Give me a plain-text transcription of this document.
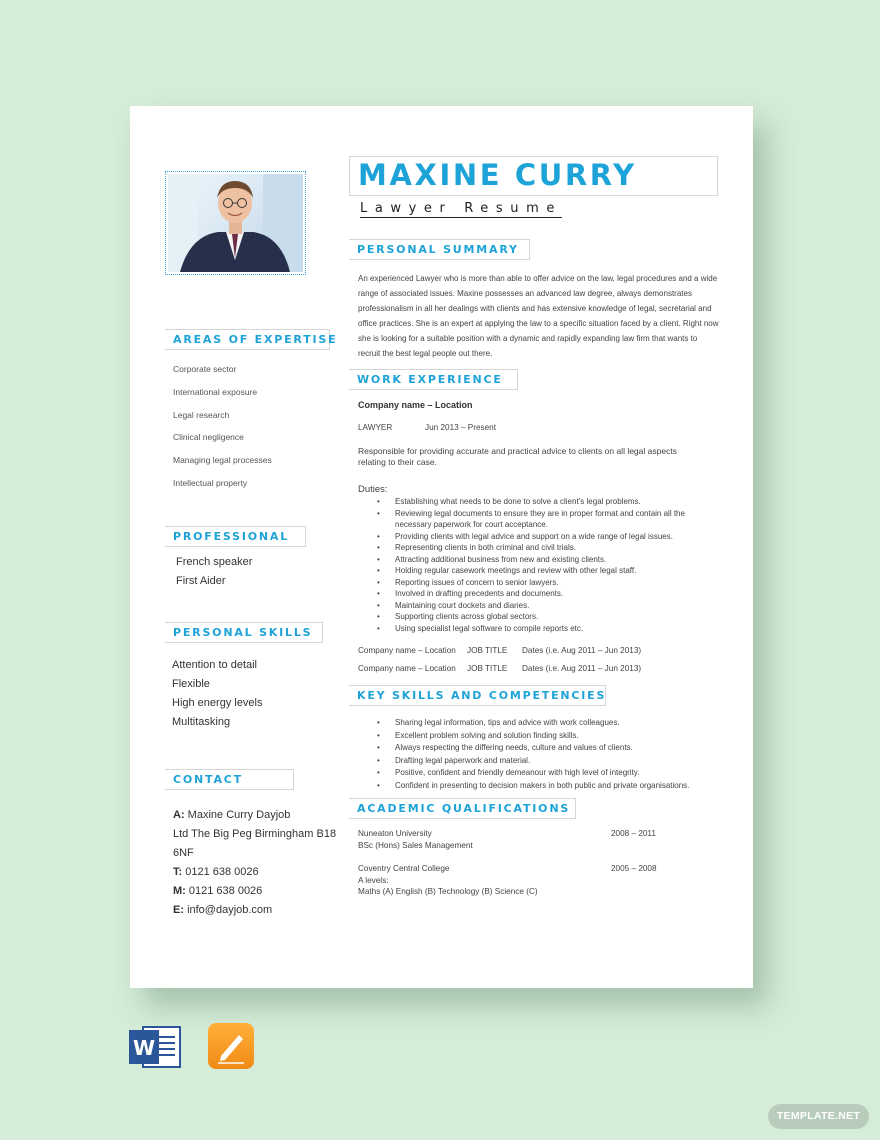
AREAS OF EXPERTISE
Corporate sector
International exposure
Legal research
Clinical negligence
Managing legal processes
Intellectual property
PROFESSIONAL
French speaker
First Aider
PERSONAL SKILLS
Attention to detail
Flexible
High energy levels
Multitasking
CONTACT
A: Maxine Curry Dayjob
Ltd The Big Peg Birmingham B18
6NF
T: 0121 638 0026
M: 0121 638 0026
E: info@dayjob.com
MAXINE CURRY
Lawyer Resume
PERSONAL SUMMARY

An experienced Lawyer who is more than able to offer advice on the law, legal procedures and a wide range of associated issues. Maxine possesses an advanced law degree, always demonstrates professionalism in all her dealings with clients and has extensive knowledge of legal, secretarial and office practices. She is an expert at applying the law to a specific situation faced by a client. Right now she is looking for a suitable position with a dynamic and rapidly expanding law firm that wants to recruit the best legal people out there.

WORK EXPERIENCE
Company name – Location
LAWYER	Jun 2013 – Present
Responsible for providing accurate and practical advice to clients on all legal aspects relating to their case.
Duties:
• Establishing what needs to be done to solve a client’s legal problems.
• Reviewing legal documents to ensure they are in proper format and contain all the necessary paperwork for court acceptance.
• Providing clients with legal advice and support on a wide range of legal issues.
• Representing clients in both criminal and civil trials.
• Attracting additional business from new and existing clients.
• Holding regular casework meetings and review with other legal staff.
• Reporting issues of concern to senior lawyers.
• Involved in drafting precedents and documents.
• Maintaining court dockets and diaries.
• Supporting clients across global sectors.
• Using specialist legal software to compile reports etc.
Company name – Location JOB TITLE Dates (i.e. Aug 2011 – Jun 2013)
Company name – Location JOB TITLE Dates (i.e. Aug 2011 – Jun 2013)
KEY SKILLS AND COMPETENCIES
• Sharing legal information, tips and advice with work colleagues.
• Excellent problem solving and solution finding skills.
• Always respecting the differing needs, culture and values of clients.
• Drafting legal paperwork and material.
• Positive, confident and friendly demeanour with high level of integrity.
• Confident in presenting to decision makers in both public and private organisations.
ACADEMIC QUALIFICATIONS
Nuneaton University
BSc (Hons) Sales Management
2008 – 2011
Coventry Central College
A levels:
Maths (A) English (B) Technology (B) Science (C)
2005 – 2008
W
TEMPLATE.NET
